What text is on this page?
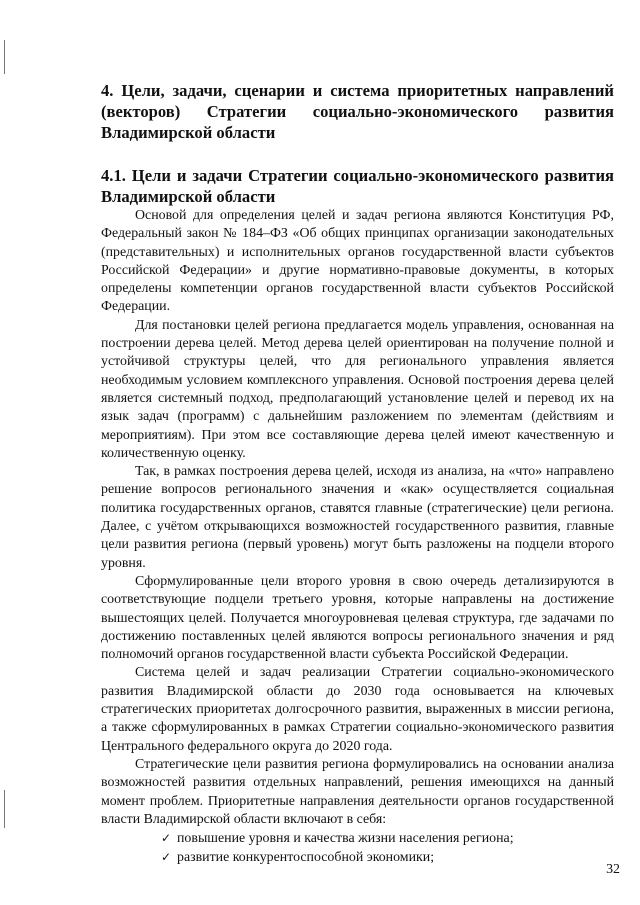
4. Цели, задачи, сценарии и система приоритетных направлений (векторов) Стратегии социально-экономического развития Владимирской области
4.1. Цели и задачи Стратегии социально-экономического развития Владимирской области

Основой для определения целей и задач региона являются Конституция РФ, Федеральный закон № 184–ФЗ «Об общих принципах организации законодательных (представительных) и исполнительных органов государственной власти субъектов Российской Федерации» и другие нормативно-правовые документы, в которых определены компетенции органов государственной власти субъектов Российской Федерации.

Для постановки целей региона предлагается модель управления, основанная на построении дерева целей. Метод дерева целей ориентирован на получение полной и устойчивой структуры целей, что для регионального управления является необходимым условием комплексного управления. Основой построения дерева целей является системный подход, предполагающий установление целей и перевод их на язык задач (программ) с дальнейшим разложением по элементам (действиям и мероприятиям). При этом все составляющие дерева целей имеют качественную и количественную оценку.

Так, в рамках построения дерева целей, исходя из анализа, на «что» направлено решение вопросов регионального значения и «как» осуществляется социальная политика государственных органов, ставятся главные (стратегические) цели региона. Далее, с учётом открывающихся возможностей государственного развития, главные цели развития региона (первый уровень) могут быть разложены на подцели второго уровня.

Сформулированные цели второго уровня в свою очередь детализируются в соответствующие подцели третьего уровня, которые направлены на достижение вышестоящих целей. Получается многоуровневая целевая структура, где задачами по достижению поставленных целей являются вопросы регионального значения и ряд полномочий органов государственной власти субъекта Российской Федерации.

Система целей и задач реализации Стратегии социально-экономического развития Владимирской области до 2030 года основывается на ключевых стратегических приоритетах долгосрочного развития, выраженных в миссии региона, а также сформулированных в рамках Стратегии социально-экономического развития Центрального федерального округа до 2020 года.

Стратегические цели развития региона формулировались на основании анализа возможностей развития отдельных направлений, решения имеющихся на данный момент проблем. Приоритетные направления деятельности органов государственной власти Владимирской области включают в себя:

✓ повышение уровня и качества жизни населения региона;
✓ развитие конкурентоспособной экономики;
32
